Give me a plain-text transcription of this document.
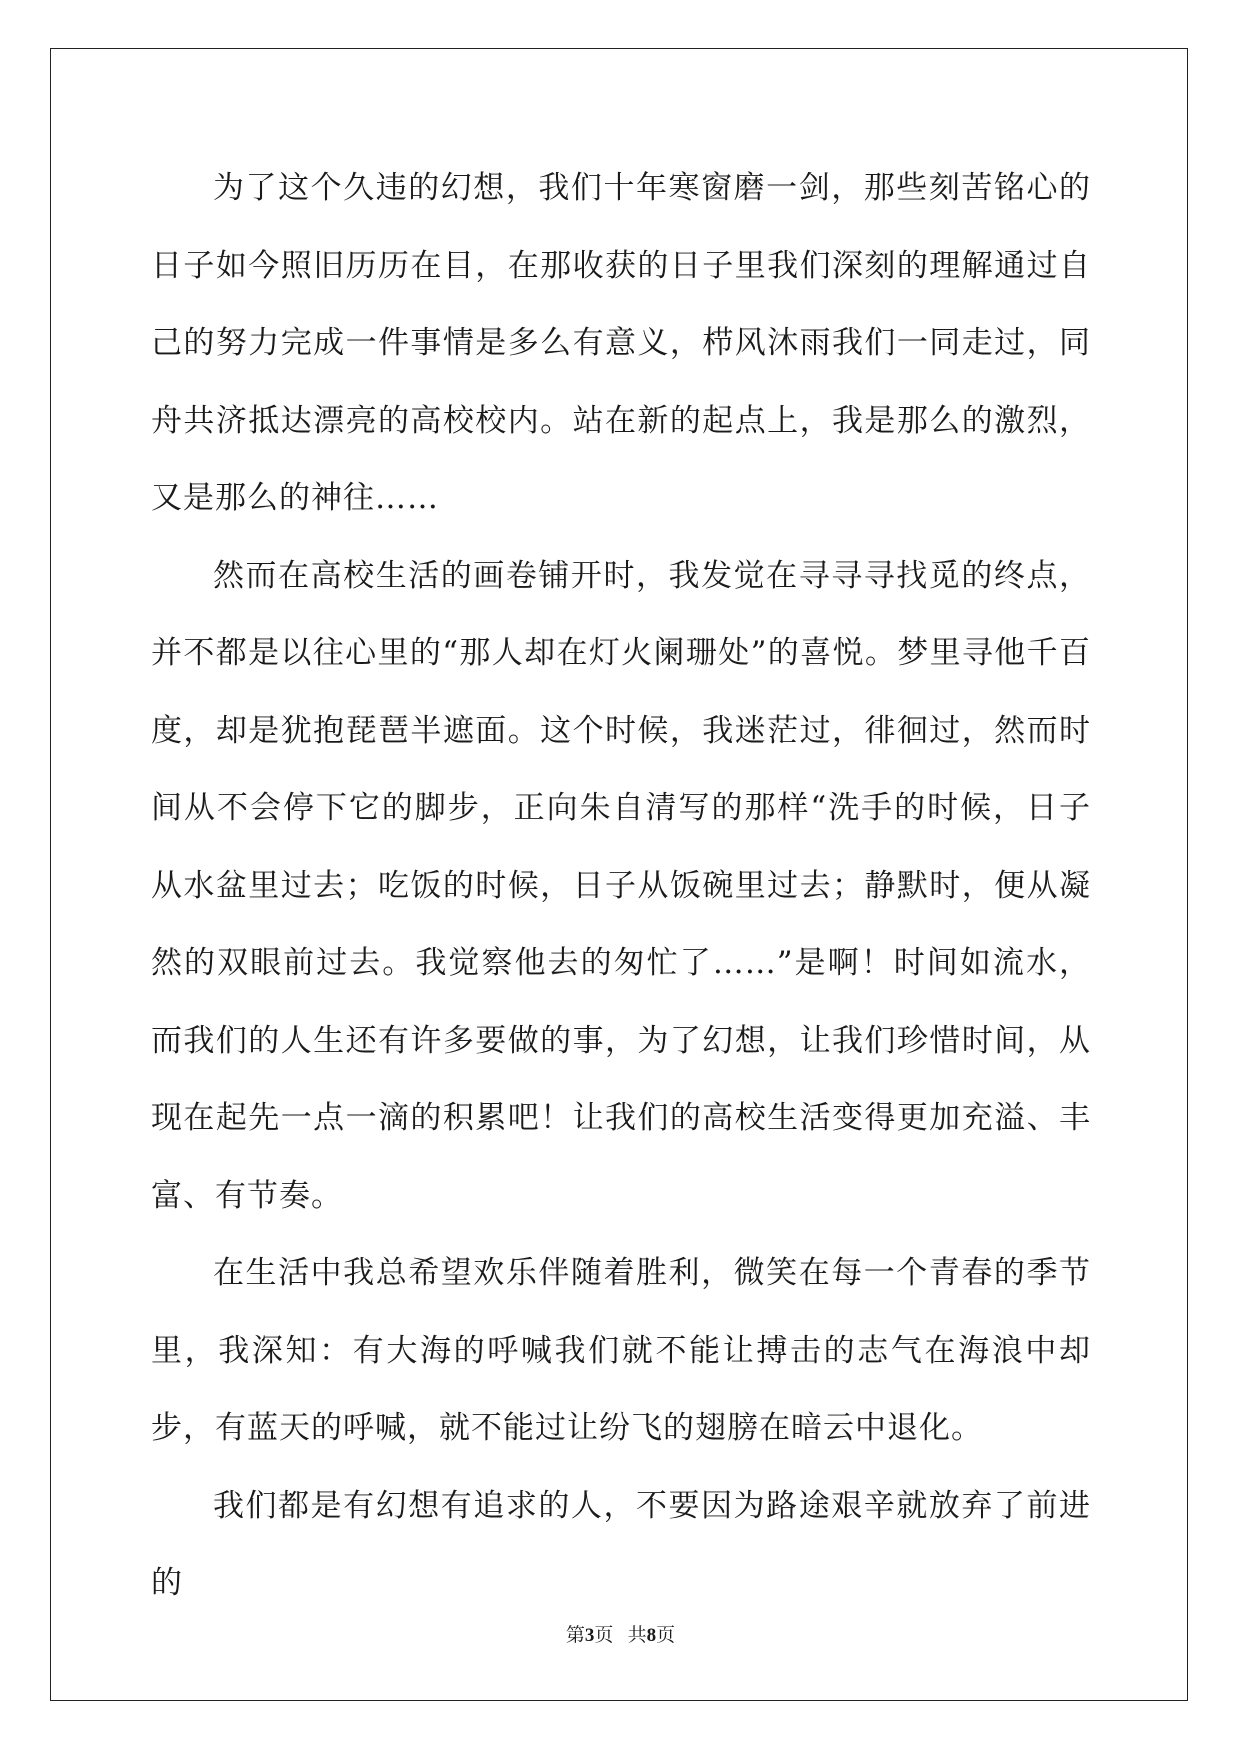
为了这个久违的幻想，我们十年寒窗磨一剑，那些刻苦铭心的日子如今照旧历历在目，在那收获的日子里我们深刻的理解通过自己的努力完成一件事情是多么有意义，栉风沐雨我们一同走过，同舟共济抵达漂亮的高校校内。站在新的起点上，我是那么的激烈，又是那么的神往……

然而在高校生活的画卷铺开时，我发觉在寻寻寻找觅的终点，并不都是以往心里的“那人却在灯火阑珊处”的喜悦。梦里寻他千百度，却是犹抱琵琶半遮面。这个时候，我迷茫过，徘徊过，然而时间从不会停下它的脚步，正向朱自清写的那样“洗手的时候，日子从水盆里过去；吃饭的时候，日子从饭碗里过去；静默时，便从凝然的双眼前过去。我觉察他去的匆忙了……”是啊！时间如流水，而我们的人生还有许多要做的事，为了幻想，让我们珍惜时间，从现在起先一点一滴的积累吧！让我们的高校生活变得更加充溢、丰富、有节奏。

在生活中我总希望欢乐伴随着胜利，微笑在每一个青春的季节里，我深知：有大海的呼喊我们就不能让搏击的志气在海浪中却步，有蓝天的呼喊，就不能过让纷飞的翅膀在暗云中退化。

我们都是有幻想有追求的人，不要因为路途艰辛就放弃了前进的

第3页 共8页
